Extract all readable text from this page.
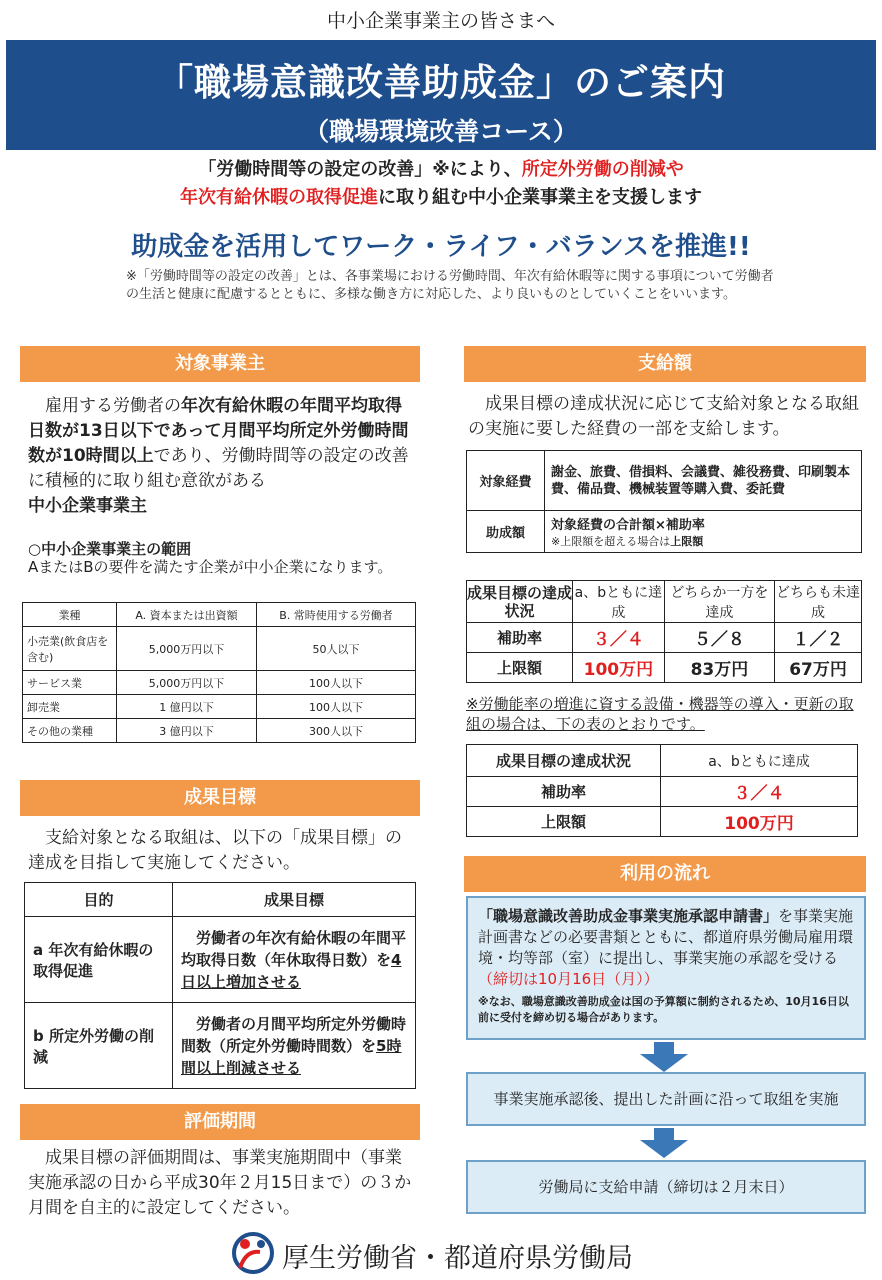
中小企業事業主の皆さまへ
「職場意識改善助成金」のご案内
（職場環境改善コース）
「労働時間等の設定の改善」※により、所定外労働の削減や
年次有給休暇の取得促進に取り組む中小企業事業主を支援します
助成金を活用してワーク・ライフ・バランスを推進!!
※「労働時間等の設定の改善」とは、各事業場における労働時間、年次有給休暇等に関する事項について労働者の生活と健康に配慮するとともに、多様な働き方に対応した、より良いものとしていくことをいいます。
対象事業主
雇用する労働者の年次有給休暇の年間平均取得日数が13日以下であって月間平均所定外労働時間数が10時間以上であり、労働時間等の設定の改善に積極的に取り組む意欲がある
中小企業事業主
○中小企業事業主の範囲
AまたはBの要件を満たす企業が中小企業になります。
業種	A. 資本または出資額	B. 常時使用する労働者
小売業(飲食店を含む)	5,000万円以下	50人以下
サービス業	5,000万円以下	100人以下
卸売業	1 億円以下	100人以下
その他の業種	3 億円以下	300人以下
成果目標
支給対象となる取組は、以下の「成果目標」の達成を目指して実施してください。
目的	成果目標
a 年次有給休暇の取得促進	労働者の年次有給休暇の年間平均取得日数（年休取得日数）を4日以上増加させる
b 所定外労働の削減	労働者の月間平均所定外労働時間数（所定外労働時間数）を5時間以上削減させる
評価期間
成果目標の評価期間は、事業実施期間中（事業実施承認の日から平成30年２月15日まで）の３か月間を自主的に設定してください。
支給額
成果目標の達成状況に応じて支給対象となる取組の実施に要した経費の一部を支給します。
対象経費	謝金、旅費、借損料、会議費、雑役務費、印刷製本費、備品費、機械装置等購入費、委託費
助成額	対象経費の合計額×補助率
※上限額を超える場合は上限額
成果目標の達成状況	a、bともに達成	どちらか一方を達成	どちらも未達成
補助率	３／４	５／８	１／２
上限額	100万円	83万円	67万円
※労働能率の増進に資する設備・機器等の導入・更新の取組の場合は、下の表のとおりです。
成果目標の達成状況	a、bともに達成
補助率	３／４
上限額	100万円
利用の流れ
「職場意識改善助成金事業実施承認申請書」を事業実施計画書などの必要書類とともに、都道府県労働局雇用環境・均等部（室）に提出し、事業実施の承認を受ける（締切は10月16日（月））
※なお、職場意識改善助成金は国の予算額に制約されるため、10月16日以前に受付を締め切る場合があります。
事業実施承認後、提出した計画に沿って取組を実施
労働局に支給申請（締切は２月末日）
厚生労働省・都道府県労働局
